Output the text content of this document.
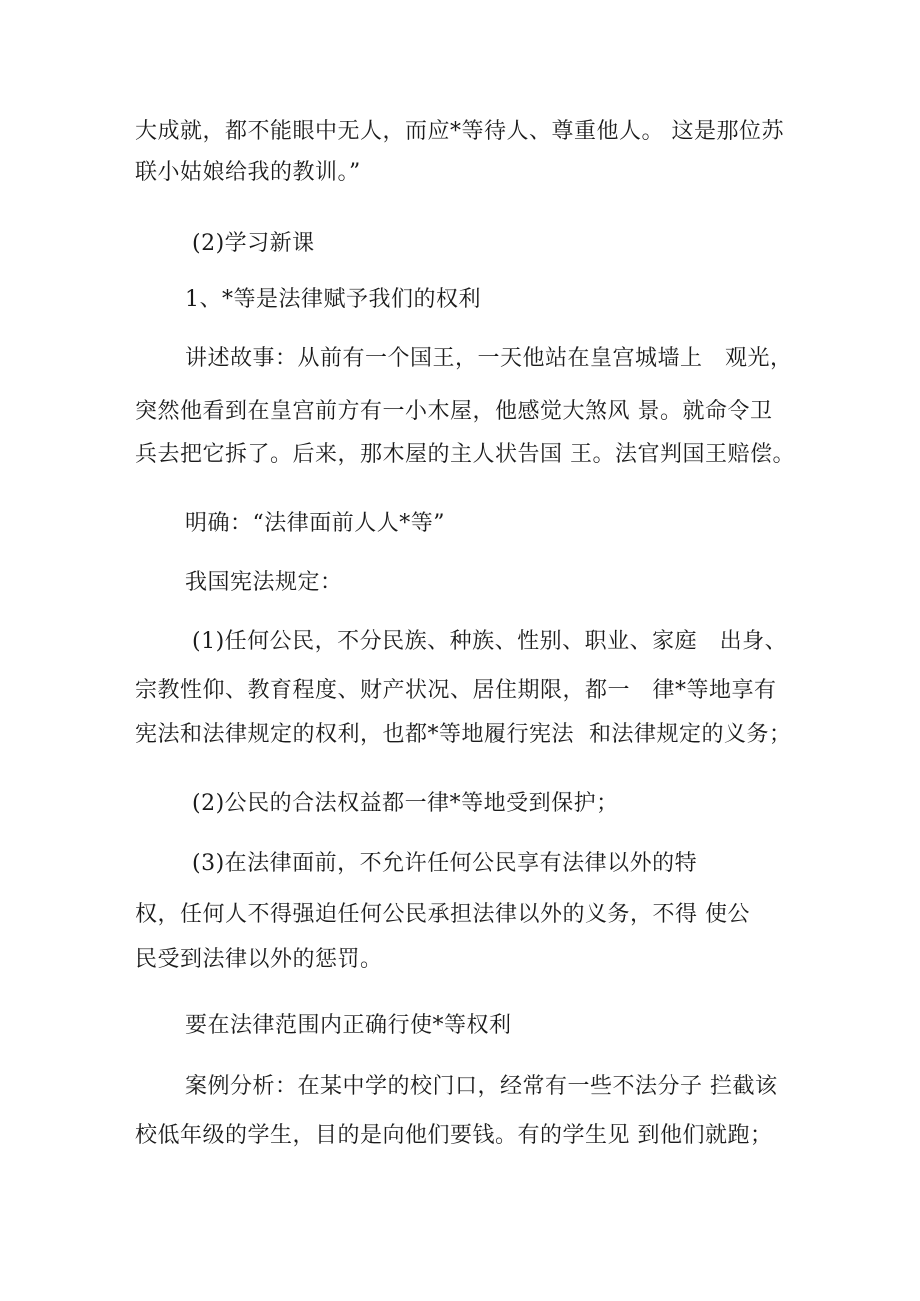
大成就，都不能眼中无人，而应*等待人、尊重他人。 这是那位苏
联小姑娘给我的教训。”
(2)学习新课
1、*等是法律赋予我们的权利
讲述故事：从前有一个国王，一天他站在皇宫城墙上   观光，
突然他看到在皇宫前方有一小木屋，他感觉大煞风 景。就命令卫
兵去把它拆了。后来，那木屋的主人状告国 王。法官判国王赔偿。
明确：“法律面前人人*等”
我国宪法规定：
(1)任何公民，不分民族、种族、性别、职业、家庭   出身、
宗教性仰、教育程度、财产状况、居住期限，都一   律*等地享有
宪法和法律规定的权利，也都*等地履行宪法  和法律规定的义务；
(2)公民的合法权益都一律*等地受到保护；
(3)在法律面前，不允许任何公民享有法律以外的特
权，任何人不得强迫任何公民承担法律以外的义务，不得 使公
民受到法律以外的惩罚。
要在法律范围内正确行使*等权利
案例分析：在某中学的校门口，经常有一些不法分子 拦截该
校低年级的学生，目的是向他们要钱。有的学生见 到他们就跑；
